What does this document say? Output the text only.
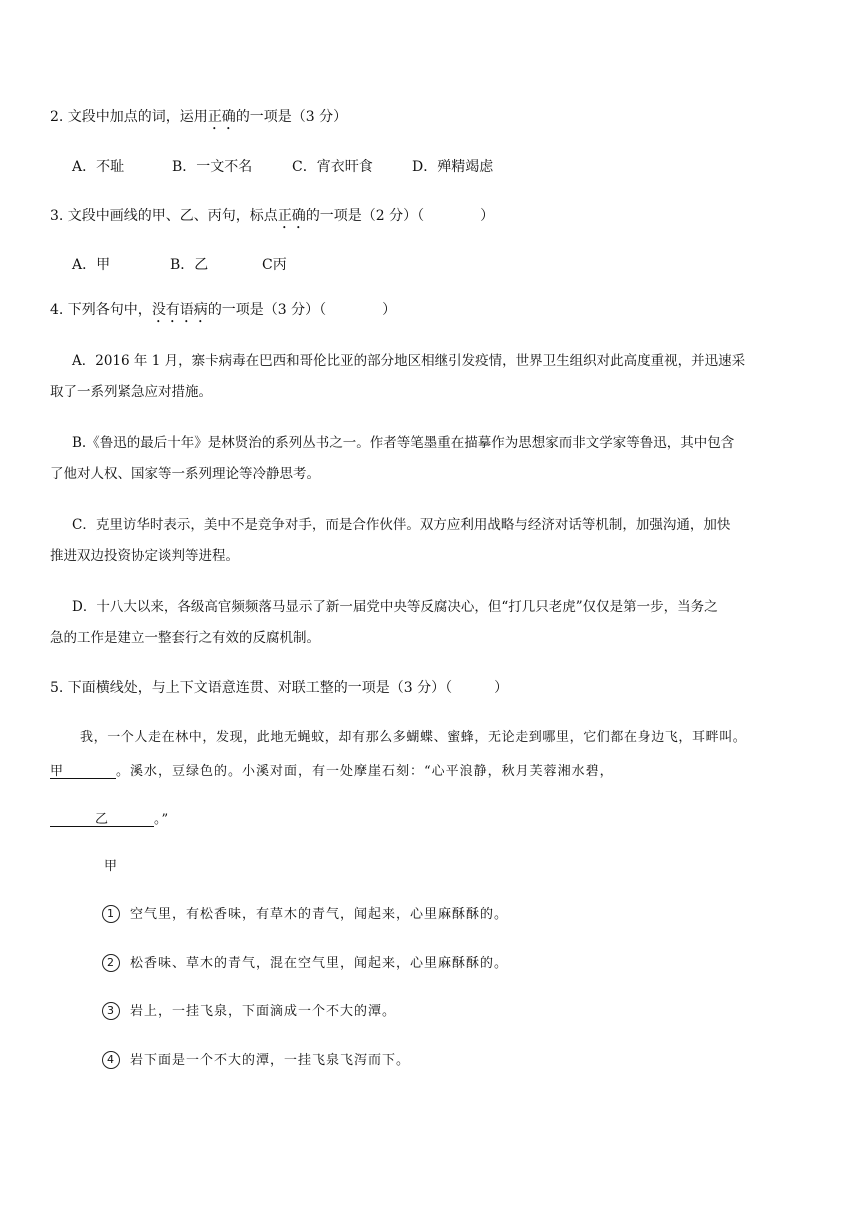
2. 文段中加点的词，运用正确的一项是（3 分）
A．不耻	B．一文不名	C．宵衣旰食	D．殚精竭虑
3. 文段中画线的甲、乙、丙句，标点正确的一项是（2 分）（	）
A．甲	B．乙	C丙
4. 下列各句中，没有语病的一项是（3 分）（	）
A．2016 年 1 月，寨卡病毒在巴西和哥伦比亚的部分地区相继引发疫情，世界卫生组织对此高度重视，并迅速采
取了一系列紧急应对措施。
B.《鲁迅的最后十年》是林贤治的系列丛书之一。作者等笔墨重在描摹作为思想家而非文学家等鲁迅，其中包含
了他对人权、国家等一系列理论等冷静思考。
C．克里访华时表示，美中不是竞争对手，而是合作伙伴。双方应利用战略与经济对话等机制，加强沟通，加快
推进双边投资协定谈判等进程。
D．十八大以来，各级高官频频落马显示了新一届党中央等反腐决心，但“打几只老虎”仅仅是第一步，当务之
急的工作是建立一整套行之有效的反腐机制。
5. 下面横线处，与上下文语意连贯、对联工整的一项是（3 分）（	）
我，一个人走在林中，发现，此地无蝇蚊，却有那么多蝴蝶、蜜蜂，无论走到哪里，它们都在身边飞，耳畔叫。
甲	。溪水，豆绿色的。小溪对面，有一处摩崖石刻：“心平浪静，秋月芙蓉湘水碧，
乙	。”
甲
1 空气里，有松香味，有草木的青气，闻起来，心里麻酥酥的。
2 松香味、草木的青气，混在空气里，闻起来，心里麻酥酥的。
3 岩上，一挂飞泉，下面滴成一个不大的潭。
4 岩下面是一个不大的潭，一挂飞泉飞泻而下。
